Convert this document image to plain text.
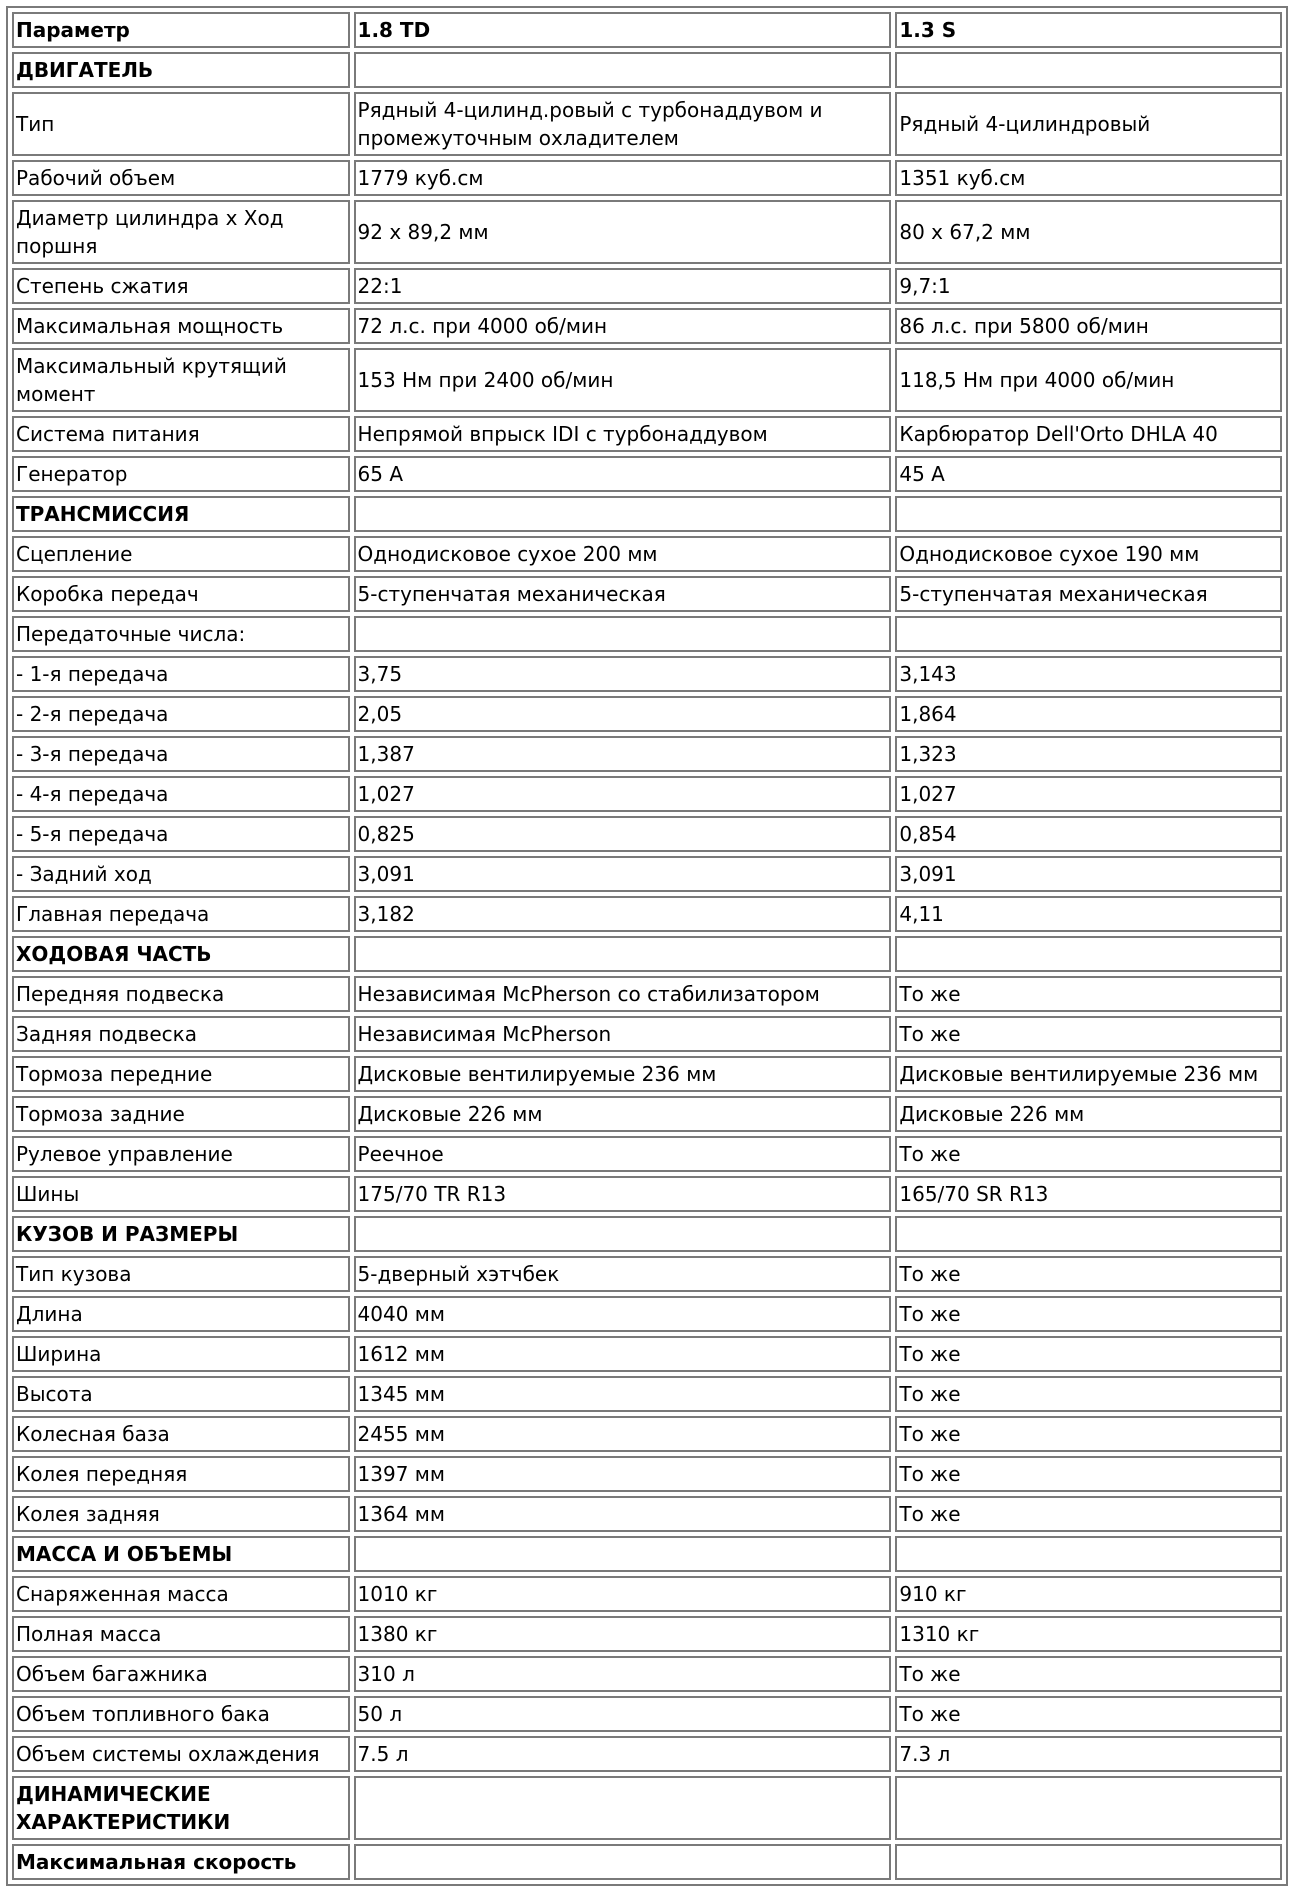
Параметр	1.8 TD	1.3 S
ДВИГАТЕЛЬ		
Тип	Рядный 4-цилинд.ровый с турбонаддувом и промежуточным охладителем	Рядный 4-цилиндровый
Рабочий объем	1779 куб.см	1351 куб.см
Диаметр цилиндра х Ход поршня	92 х 89,2 мм	80 х 67,2 мм
Степень сжатия	22:1	9,7:1
Максимальная мощность	72 л.с. при 4000 об/мин	86 л.с. при 5800 об/мин
Максимальный крутящий момент	153 Нм при 2400 об/мин	118,5 Нм при 4000 об/мин
Система питания	Непрямой впрыск IDI с турбонаддувом	Карбюратор Dell'Orto DHLA 40
Генератор	65 А	45 А
ТРАНСМИССИЯ		
Сцепление	Однодисковое сухое 200 мм	Однодисковое сухое 190 мм
Коробка передач	5-ступенчатая механическая	5-ступенчатая механическая
Передаточные числа:		
- 1-я передача	3,75	3,143
- 2-я передача	2,05	1,864
- 3-я передача	1,387	1,323
- 4-я передача	1,027	1,027
- 5-я передача	0,825	0,854
- Задний ход	3,091	3,091
Главная передача	3,182	4,11
ХОДОВАЯ ЧАСТЬ		
Передняя подвеска	Независимая McPherson со стабилизатором	То же
Задняя подвеска	Независимая McPherson	То же
Тормоза передние	Дисковые вентилируемые 236 мм	Дисковые вентилируемые 236 мм
Тормоза задние	Дисковые 226 мм	Дисковые 226 мм
Рулевое управление	Реечное	То же
Шины	175/70 TR R13	165/70 SR R13
КУЗОВ И РАЗМЕРЫ		
Тип кузова	5-дверный хэтчбек	То же
Длина	4040 мм	То же
Ширина	1612 мм	То же
Высота	1345 мм	То же
Колесная база	2455 мм	То же
Колея передняя	1397 мм	То же
Колея задняя	1364 мм	То же
МАССА И ОБЪЕМЫ		
Снаряженная масса	1010 кг	910 кг
Полная масса	1380 кг	1310 кг
Объем багажника	310 л	То же
Объем топливного бака	50 л	То же
Объем системы охлаждения	7.5 л	7.3 л
ДИНАМИЧЕСКИЕ ХАРАКТЕРИСТИКИ		
Максимальная скорость		
